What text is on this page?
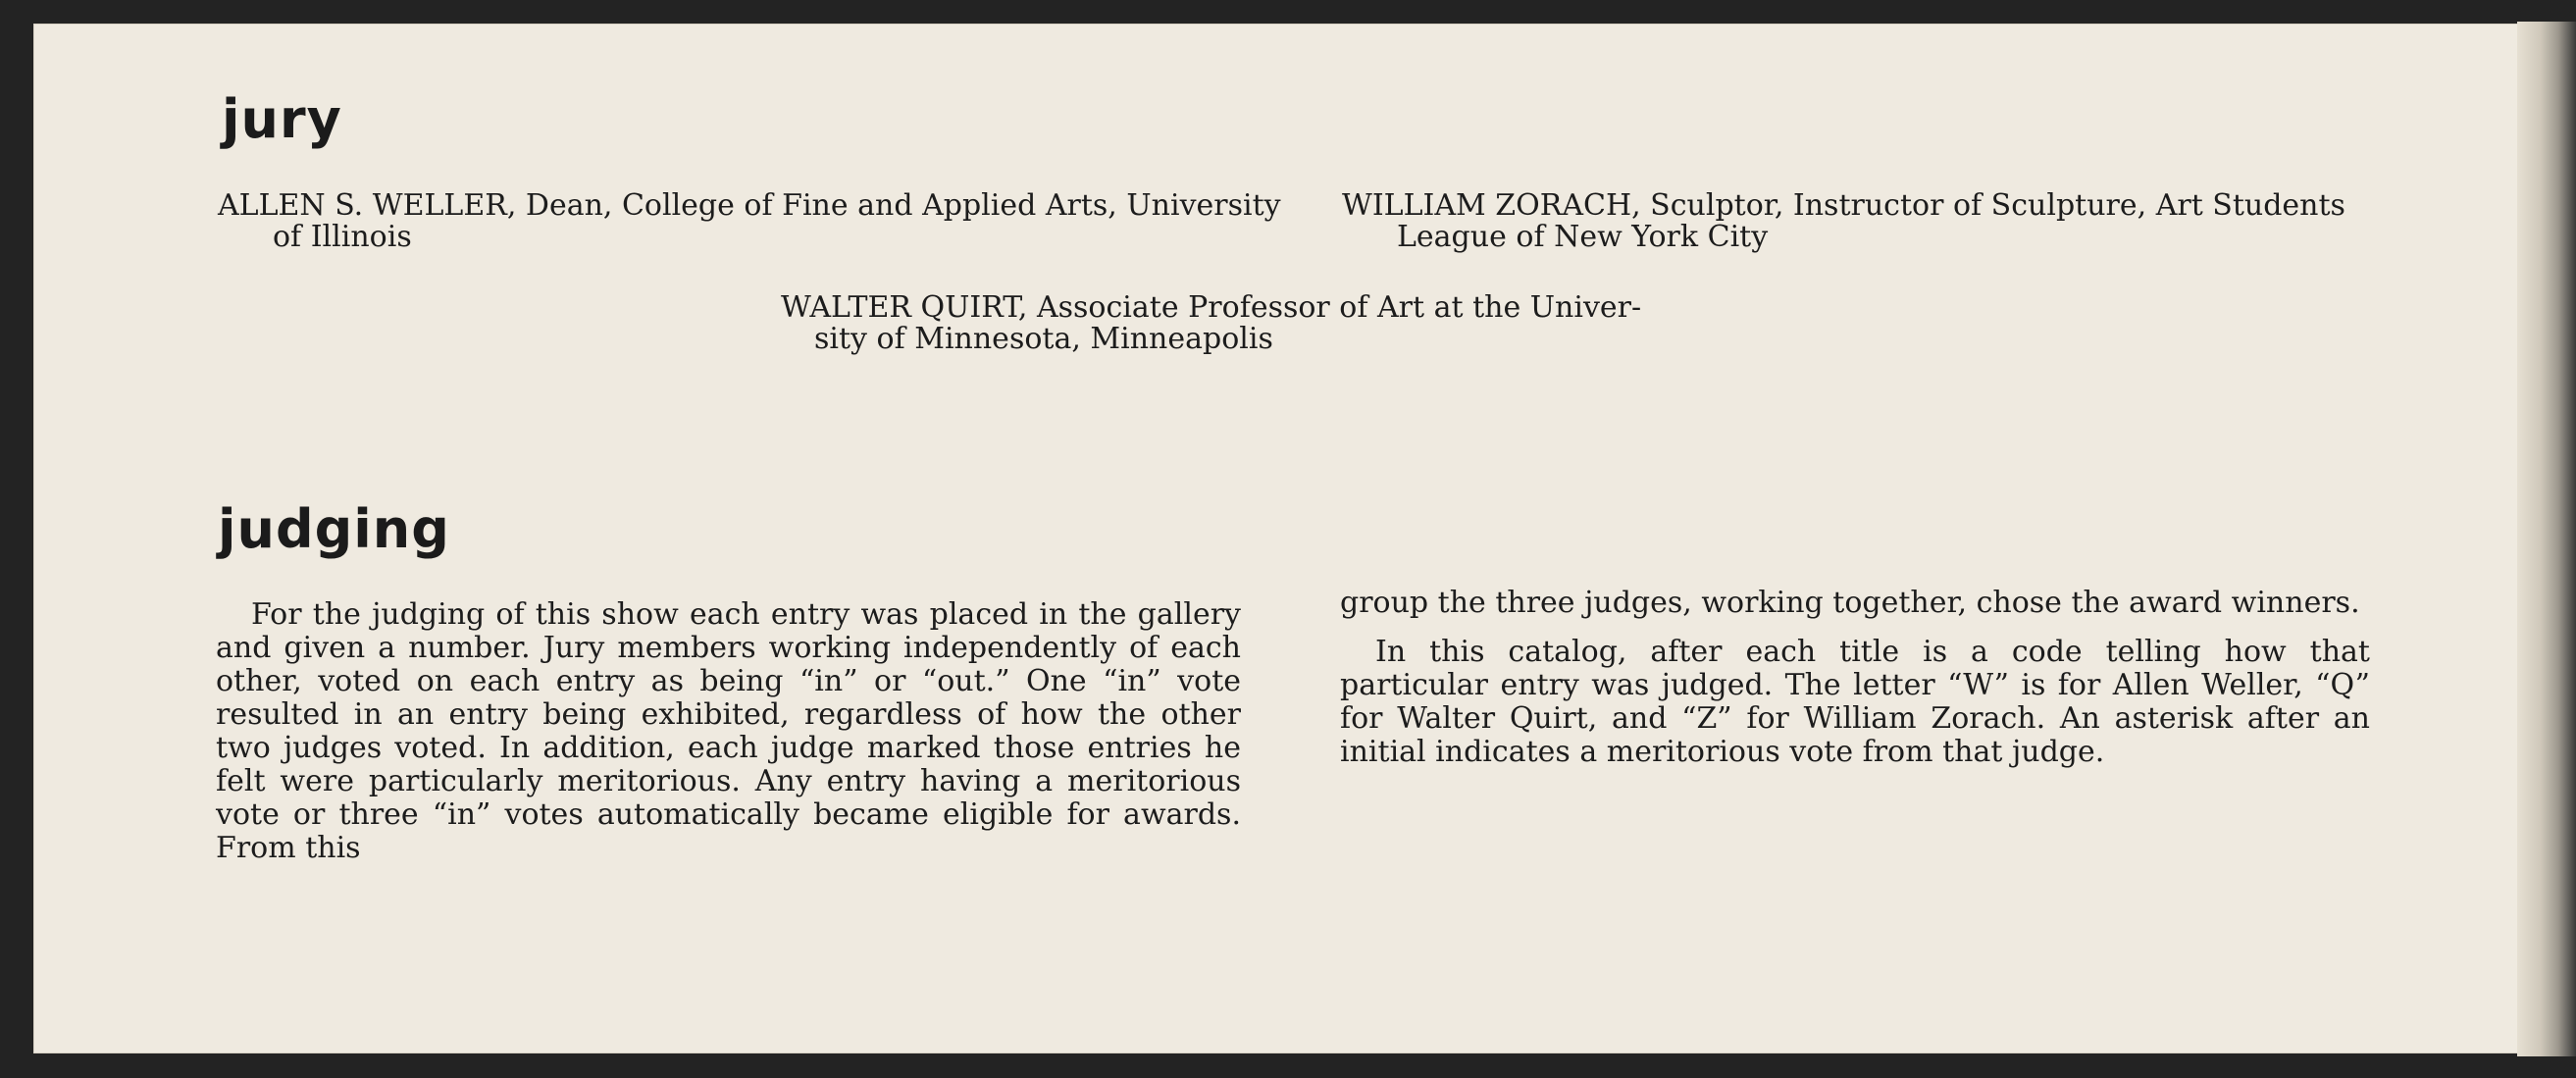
jury
ALLEN S. WELLER, Dean, College of Fine and Applied Arts, University of Illinois
WILLIAM ZORACH, Sculptor, Instructor of Sculpture, Art Students League of New York City
WALTER QUIRT, Associate Professor of Art at the Univer-
sity of Minnesota, Minneapolis
judging

For the judging of this show each entry was placed in the gallery and given a number. Jury members working independently of each other, voted on each entry as being “in” or “out.” One “in” vote resulted in an entry being exhibited, regardless of how the other two judges voted. In addition, each judge marked those entries he felt were particularly meritorious. Any entry having a meritorious vote or three “in” votes automatically became eligible for awards. From this

group the three judges, working together, chose the award winners.

In this catalog, after each title is a code telling how that particular entry was judged. The letter “W” is for Allen Weller, “Q” for Walter Quirt, and “Z” for William Zorach. An asterisk after an initial indicates a meritorious vote from that judge.
